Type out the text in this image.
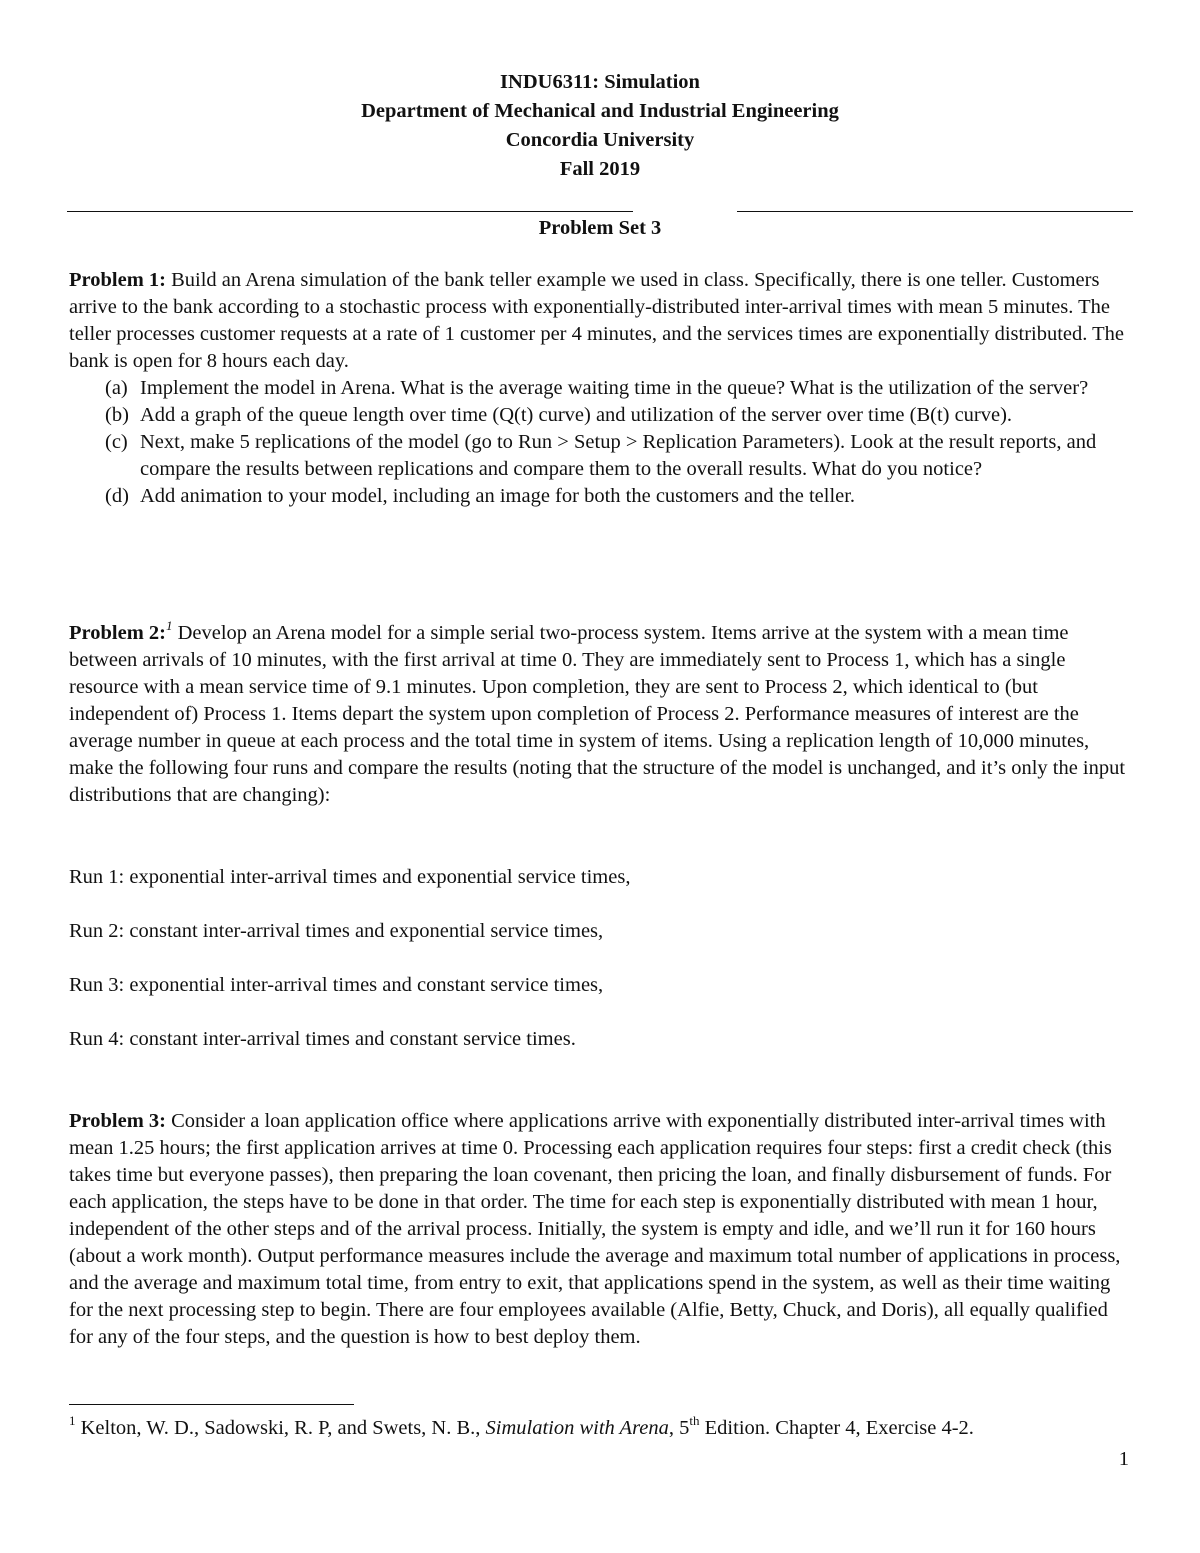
INDU6311: Simulation
Department of Mechanical and Industrial Engineering
Concordia University
Fall 2019
Problem Set 3

Problem 1: Build an Arena simulation of the bank teller example we used in class. Specifically, there is one teller. Customers arrive to the bank according to a stochastic process with exponentially-distributed inter-arrival times with mean 5 minutes. The teller processes customer requests at a rate of 1 customer per 4 minutes, and the services times are exponentially distributed. The bank is open for 8 hours each day.

(a) Implement the model in Arena. What is the average waiting time in the queue? What is the utilization of the server?
(b) Add a graph of the queue length over time (Q(t) curve) and utilization of the server over time (B(t) curve).
(c) Next, make 5 replications of the model (go to Run > Setup > Replication Parameters). Look at the result reports, and compare the results between replications and compare them to the overall results. What do you notice?
(d) Add animation to your model, including an image for both the customers and the teller.

Problem 2:$^1$ Develop an Arena model for a simple serial two-process system. Items arrive at the system with a mean time between arrivals of 10 minutes, with the first arrival at time 0. They are immediately sent to Process 1, which has a single resource with a mean service time of 9.1 minutes. Upon completion, they are sent to Process 2, which identical to (but independent of) Process 1. Items depart the system upon completion of Process 2. Performance measures of interest are the average number in queue at each process and the total time in system of items. Using a replication length of 10,000 minutes, make the following four runs and compare the results (noting that the structure of the model is unchanged, and it’s only the input distributions that are changing):

Run 1: exponential inter-arrival times and exponential service times,
Run 2: constant inter-arrival times and exponential service times,
Run 3: exponential inter-arrival times and constant service times,
Run 4: constant inter-arrival times and constant service times.

Problem 3: Consider a loan application office where applications arrive with exponentially distributed inter-arrival times with mean 1.25 hours; the first application arrives at time 0. Processing each application requires four steps: first a credit check (this takes time but everyone passes), then preparing the loan covenant, then pricing the loan, and finally disbursement of funds. For each application, the steps have to be done in that order. The time for each step is exponentially distributed with mean 1 hour, independent of the other steps and of the arrival process. Initially, the system is empty and idle, and we’ll run it for 160 hours (about a work month). Output performance measures include the average and maximum total number of applications in process, and the average and maximum total time, from entry to exit, that applications spend in the system, as well as their time waiting for the next processing step to begin. There are four employees available (Alfie, Betty, Chuck, and Doris), all equally qualified for any of the four steps, and the question is how to best deploy them.

$^1$ Kelton, W. D., Sadowski, R. P, and Swets, N. B., Simulation with Arena, 5th Edition. Chapter 4, Exercise 4-2.
1
